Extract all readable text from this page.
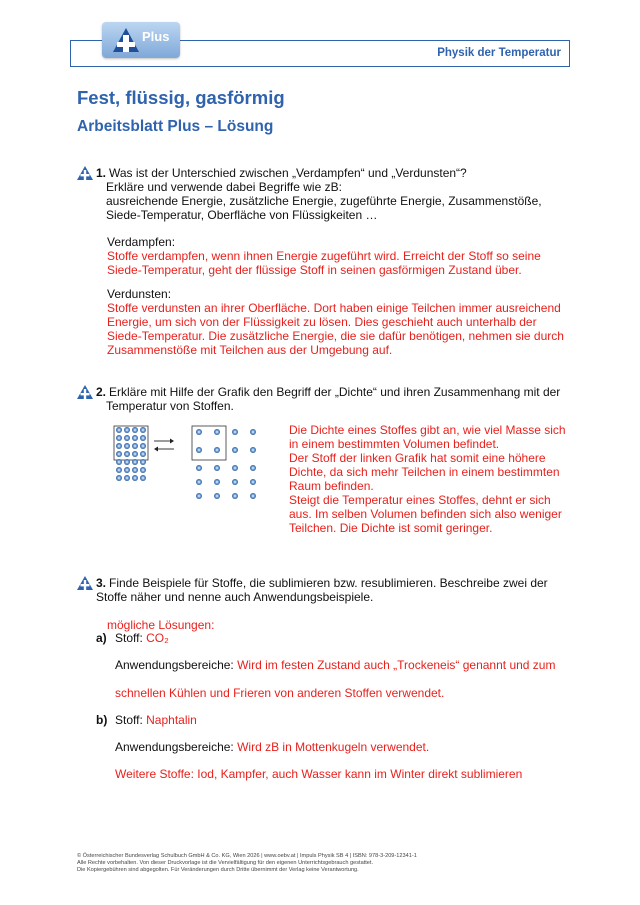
Physik der Temperatur
Plus
Fest, flüssig, gasförmig
Arbeitsblatt Plus – Lösung
1. Was ist der Unterschied zwischen „Verdampfen“ und „Verdunsten“?
Erkläre und verwende dabei Begriffe wie zB:
ausreichende Energie, zusätzliche Energie, zugeführte Energie, Zusammenstöße,
Siede-Temperatur, Oberfläche von Flüssigkeiten …
Verdampfen:
Stoffe verdampfen, wenn ihnen Energie zugeführt wird. Erreicht der Stoff so seine
Siede-Temperatur, geht der flüssige Stoff in seinen gasförmigen Zustand über.
Verdunsten:
Stoffe verdunsten an ihrer Oberfläche. Dort haben einige Teilchen immer ausreichend
Energie, um sich von der Flüssigkeit zu lösen. Dies geschieht auch unterhalb der
Siede-Temperatur. Die zusätzliche Energie, die sie dafür benötigen, nehmen sie durch
Zusammenstöße mit Teilchen aus der Umgebung auf.
2. Erkläre mit Hilfe der Grafik den Begriff der „Dichte“ und ihren Zusammenhang mit der
Temperatur von Stoffen.
Die Dichte eines Stoffes gibt an, wie viel Masse sich
in einem bestimmten Volumen befindet.
Der Stoff der linken Grafik hat somit eine höhere
Dichte, da sich mehr Teilchen in einem bestimmten
Raum befinden.
Steigt die Temperatur eines Stoffes, dehnt er sich
aus. Im selben Volumen befinden sich also weniger
Teilchen. Die Dichte ist somit geringer.
3. Finde Beispiele für Stoffe, die sublimieren bzw. resublimieren. Beschreibe zwei der
Stoffe näher und nenne auch Anwendungsbeispiele.
mögliche Lösungen:
a) Stoff: CO₂
Anwendungsbereiche: Wird im festen Zustand auch „Trockeneis“ genannt und zum
schnellen Kühlen und Frieren von anderen Stoffen verwendet.
b) Stoff: Naphtalin
Anwendungsbereiche: Wird zB in Mottenkugeln verwendet.
Weitere Stoffe: Iod, Kampfer, auch Wasser kann im Winter direkt sublimieren
© Österreichischer Bundesverlag Schulbuch GmbH & Co. KG, Wien 2026 | www.oebv.at | Impuls Physik SB 4 | ISBN: 978-3-209-12341-1
Alle Rechte vorbehalten. Von dieser Druckvorlage ist die Vervielfältigung für den eigenen Unterrichtsgebrauch gestattet.
Die Kopiergebühren sind abgegolten. Für Veränderungen durch Dritte übernimmt der Verlag keine Verantwortung.
